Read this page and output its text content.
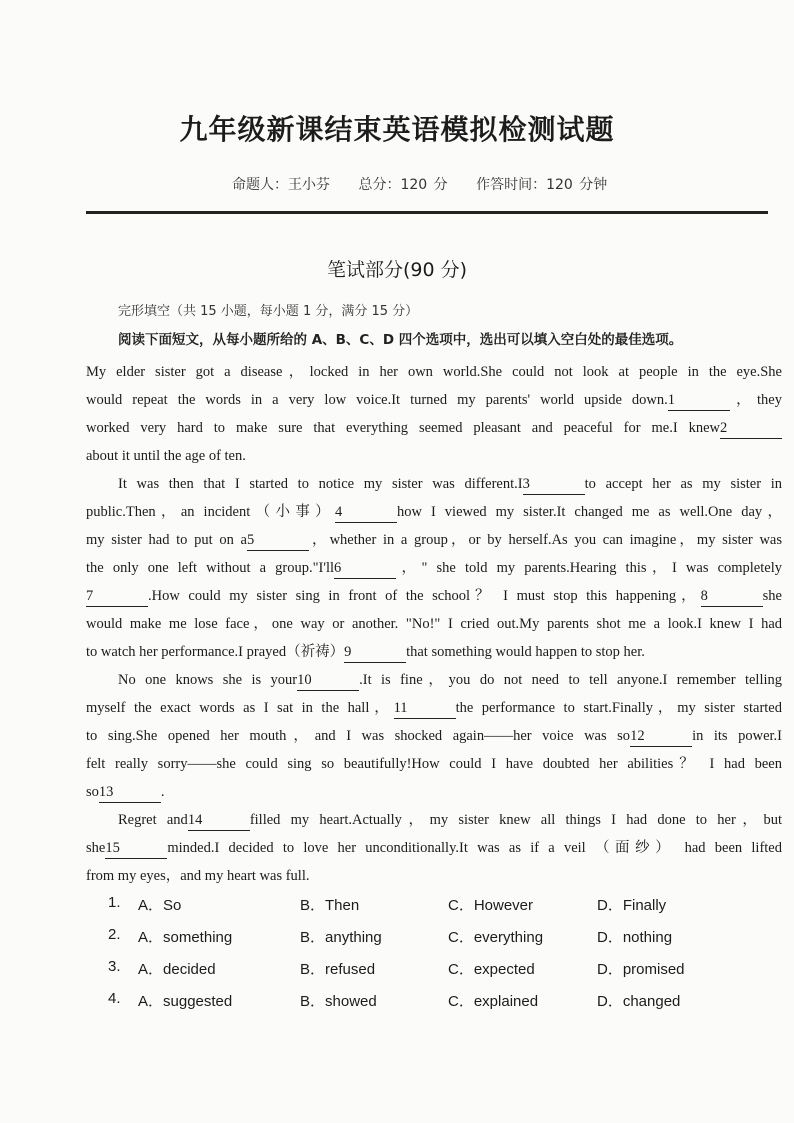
九年级新课结束英语模拟检测试题
命题人：王小芬 总分：120 分 作答时间：120 分钟
笔试部分(90 分)
完形填空（共 15 小题，每小题 1 分，满分 15 分）
阅读下面短文，从每小题所给的 A、B、C、D 四个选项中，选出可以填入空白处的最佳选项。
My elder sister got a disease，locked in her own world.She could not look at people in the eye.She
would repeat the words in a very low voice.It turned my parents' world upside down.1	，they
worked very hard to make sure that everything seemed pleasant and peaceful for me.I knew2
about it until the age of ten.
It was then that I started to notice my sister was different.I3	to accept her as my sister in
public.Then，an incident（小事）4	how I viewed my sister.It changed me as well.One day，
my sister had to put on a5	，whether in a group，or by herself.As you can imagine，my sister was
the only one left without a group."I'll6	，" she told my parents.Hearing this，I was completely
7	.How could my sister sing in front of the school？ I must stop this happening，8	she
would make me lose face，one way or another. "No!" I cried out.My parents shot me a look.I knew I had
to watch her performance.I prayed（祈祷）9	that something would happen to stop her.
No one knows she is your10	.It is fine，you do not need to tell anyone.I remember telling
myself the exact words as I sat in the hall，11	the performance to start.Finally，my sister started
to sing.She opened her mouth，and I was shocked again——her voice was so12	in its power.I
felt really sorry——she could sing so beautifully!How could I have doubted her abilities？ I had been
so13	.
Regret and14	filled my heart.Actually，my sister knew all things I had done to her，but
she15	minded.I decided to love her unconditionally.It was as if a veil （面纱） had been lifted
from my eyes，and my heart was full.
1. A．So	B．Then	C．However	D．Finally
2. A．something	B．anything	C．everything	D．nothing
3. A．decided	B．refused	C．expected	D．promised
4. A．suggested	B．showed	C．explained	D．changed
